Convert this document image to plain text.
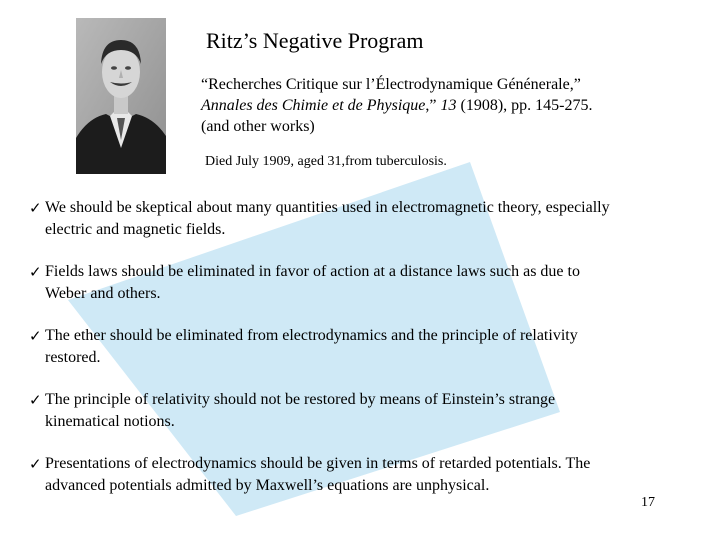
Ritz’s Negative Program
“Recherches Critique sur l’Électrodynamique Génénerale,”
Annales des Chimie et de Physique,” 13 (1908), pp. 145-275.
(and other works)
Died July 1909, aged 31,from tuberculosis.
✓ We should be skeptical about many quantities used in electromagnetic theory, especially
electric and magnetic fields.
✓ Fields laws should be eliminated in favor of action at a distance laws such as due to
Weber and others.
✓ The ether should be eliminated from electrodynamics and the principle of relativity
restored.
✓ The principle of relativity should not be restored by means of Einstein’s strange
kinematical notions.
✓ Presentations of electrodynamics should be given in terms of retarded potentials. The
advanced potentials admitted by Maxwell’s equations are unphysical.
17
